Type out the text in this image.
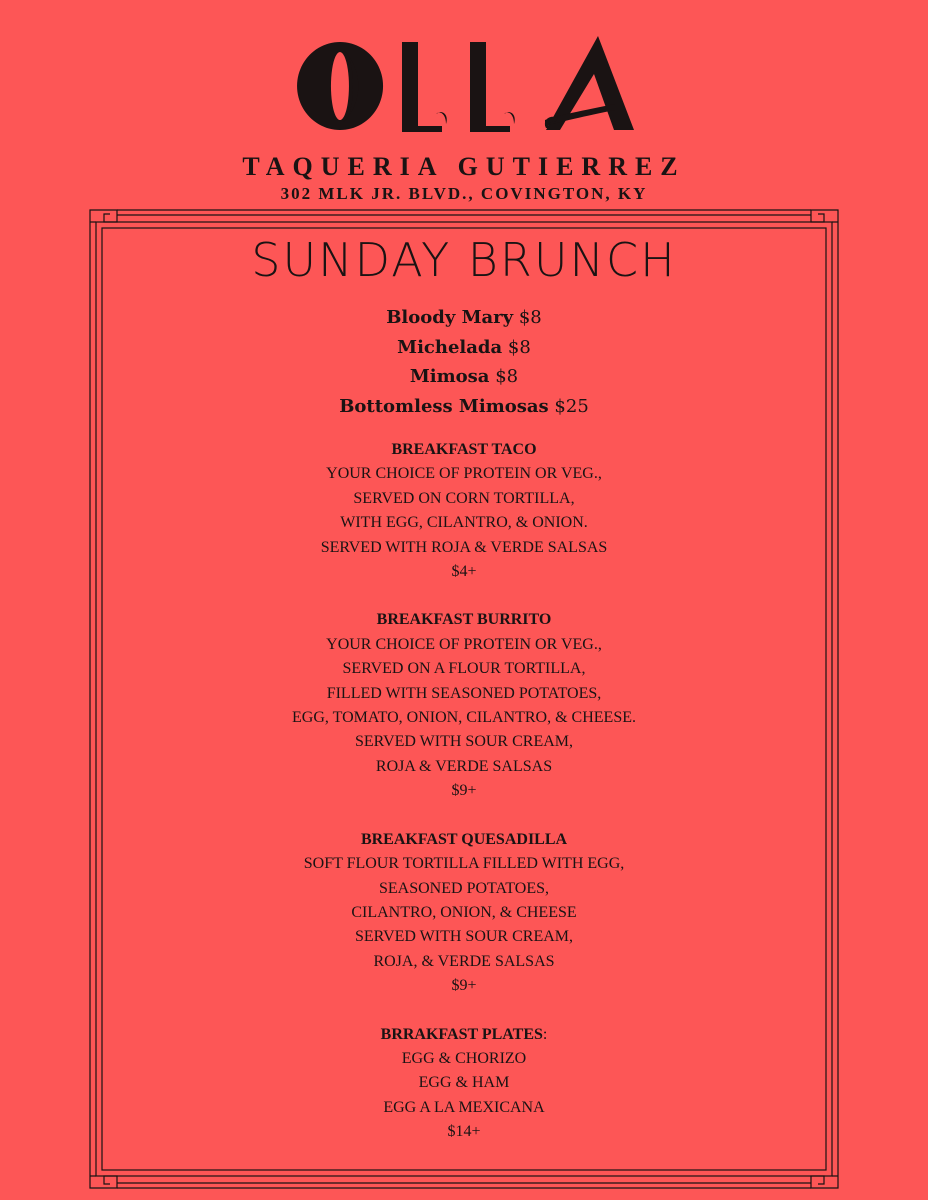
TAQUERIA GUTIERREZ
302 MLK JR. BLVD., COVINGTON, KY
SUNDAY BRUNCH
Bloody Mary $8
Michelada $8
Mimosa $8
Bottomless Mimosas $25
BREAKFAST TACO
YOUR CHOICE OF PROTEIN OR VEG.,
SERVED ON CORN TORTILLA,
WITH EGG, CILANTRO, & ONION.
SERVED WITH ROJA & VERDE SALSAS
$4+
BREAKFAST BURRITO
YOUR CHOICE OF PROTEIN OR VEG.,
SERVED ON A FLOUR TORTILLA,
FILLED WITH SEASONED POTATOES,
EGG, TOMATO, ONION, CILANTRO, & CHEESE.
SERVED WITH SOUR CREAM,
ROJA & VERDE SALSAS
$9+
BREAKFAST QUESADILLA
SOFT FLOUR TORTILLA FILLED WITH EGG,
SEASONED POTATOES,
CILANTRO, ONION, & CHEESE
SERVED WITH SOUR CREAM,
ROJA, & VERDE SALSAS
$9+
BRRAKFAST PLATES:
EGG & CHORIZO
EGG & HAM
EGG A LA MEXICANA
$14+
